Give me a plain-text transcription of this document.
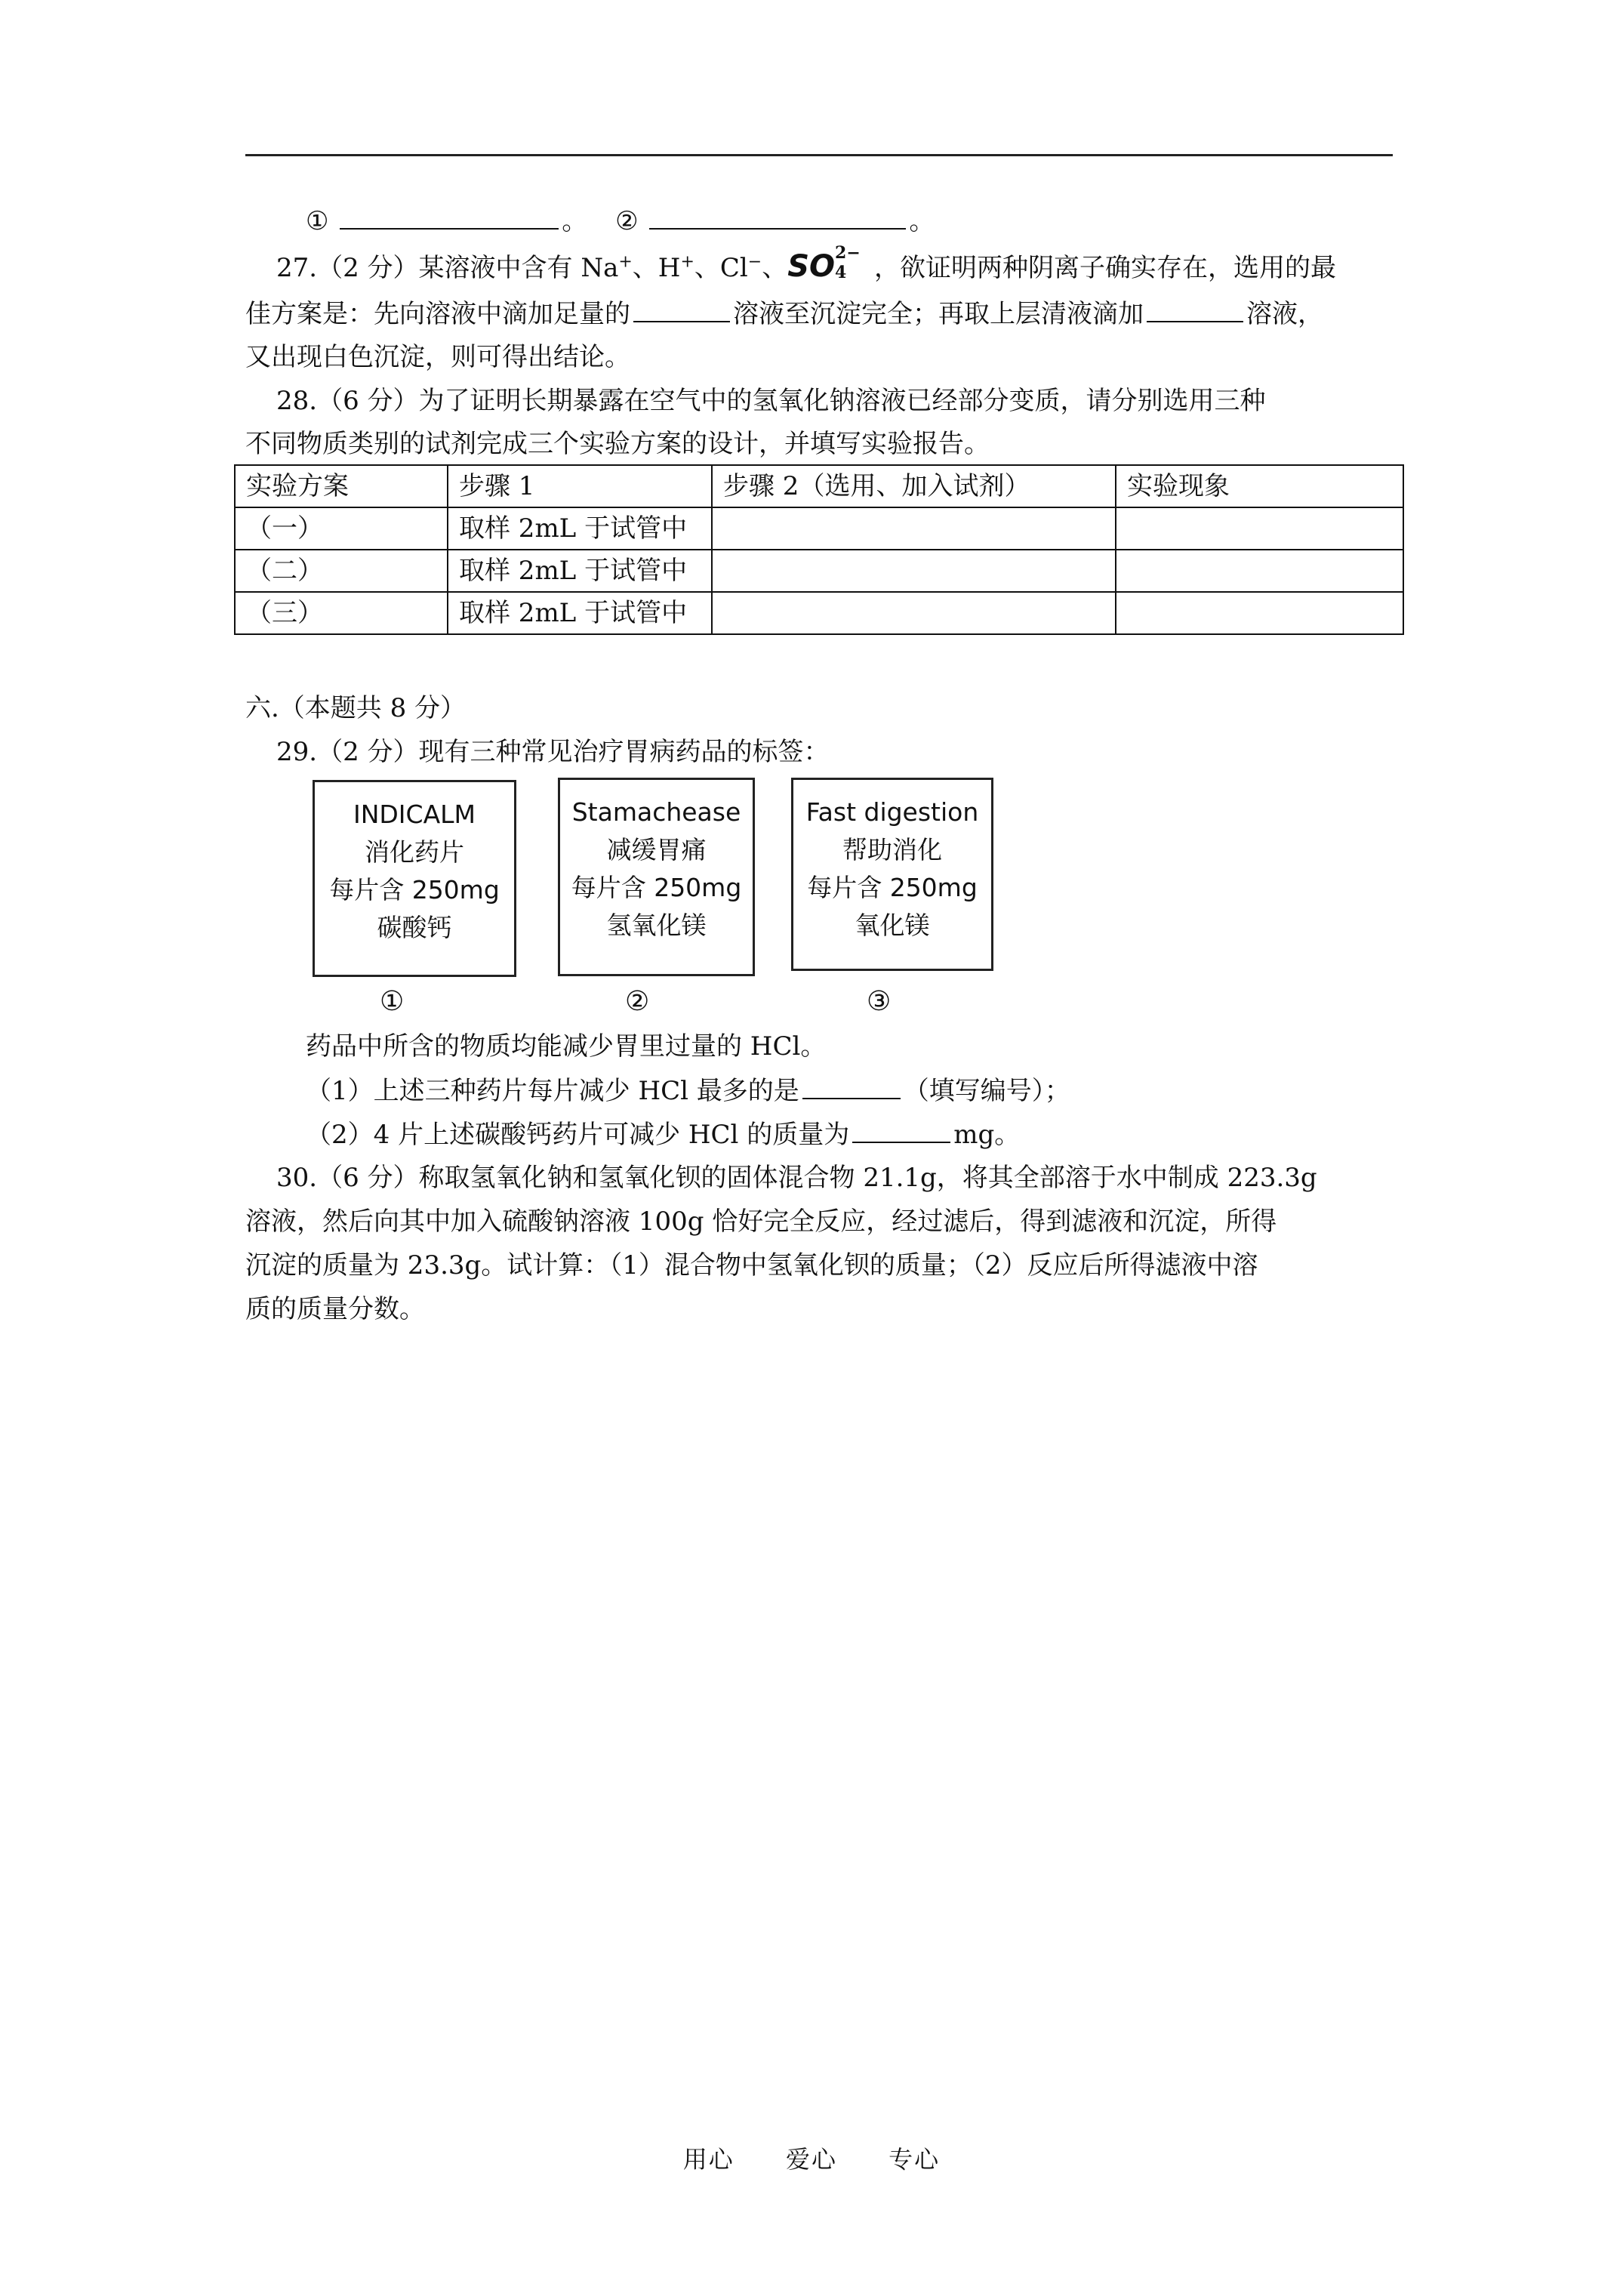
①	。 ②	。
27.（2 分）某溶液中含有 Na+、H+、Cl−、SO 2−
4 ，欲证明两种阴离子确实存在，选用的最
佳方案是：先向溶液中滴加足量的	溶液至沉淀完全；再取上层清液滴加	溶液，
又出现白色沉淀，则可得出结论。
28.（6 分）为了证明长期暴露在空气中的氢氧化钠溶液已经部分变质，请分别选用三种
不同物质类别的试剂完成三个实验方案的设计，并填写实验报告。
实验方案	步骤 1	步骤 2（选用、加入试剂）	实验现象
（一）	取样 2mL 于试管中		
（二）	取样 2mL 于试管中		
（三）	取样 2mL 于试管中		
六.（本题共 8 分）
29.（2 分）现有三种常见治疗胃病药品的标签：
INDICALM
消化药片
每片含 250mg
碳酸钙
Stamachease
减缓胃痛
每片含 250mg
氢氧化镁
Fast digestion
帮助消化
每片含 250mg
氧化镁
①	②	③
药品中所含的物质均能减少胃里过量的 HCl。
（1）上述三种药片每片减少 HCl 最多的是	（填写编号）；
（2）4 片上述碳酸钙药片可减少 HCl 的质量为	mg。
30.（6 分）称取氢氧化钠和氢氧化钡的固体混合物 21.1g，将其全部溶于水中制成 223.3g
溶液，然后向其中加入硫酸钠溶液 100g 恰好完全反应，经过滤后，得到滤液和沉淀，所得
沉淀的质量为 23.3g。试计算：（1）混合物中氢氧化钡的质量；（2）反应后所得滤液中溶
质的质量分数。
用心 爱心 专心
